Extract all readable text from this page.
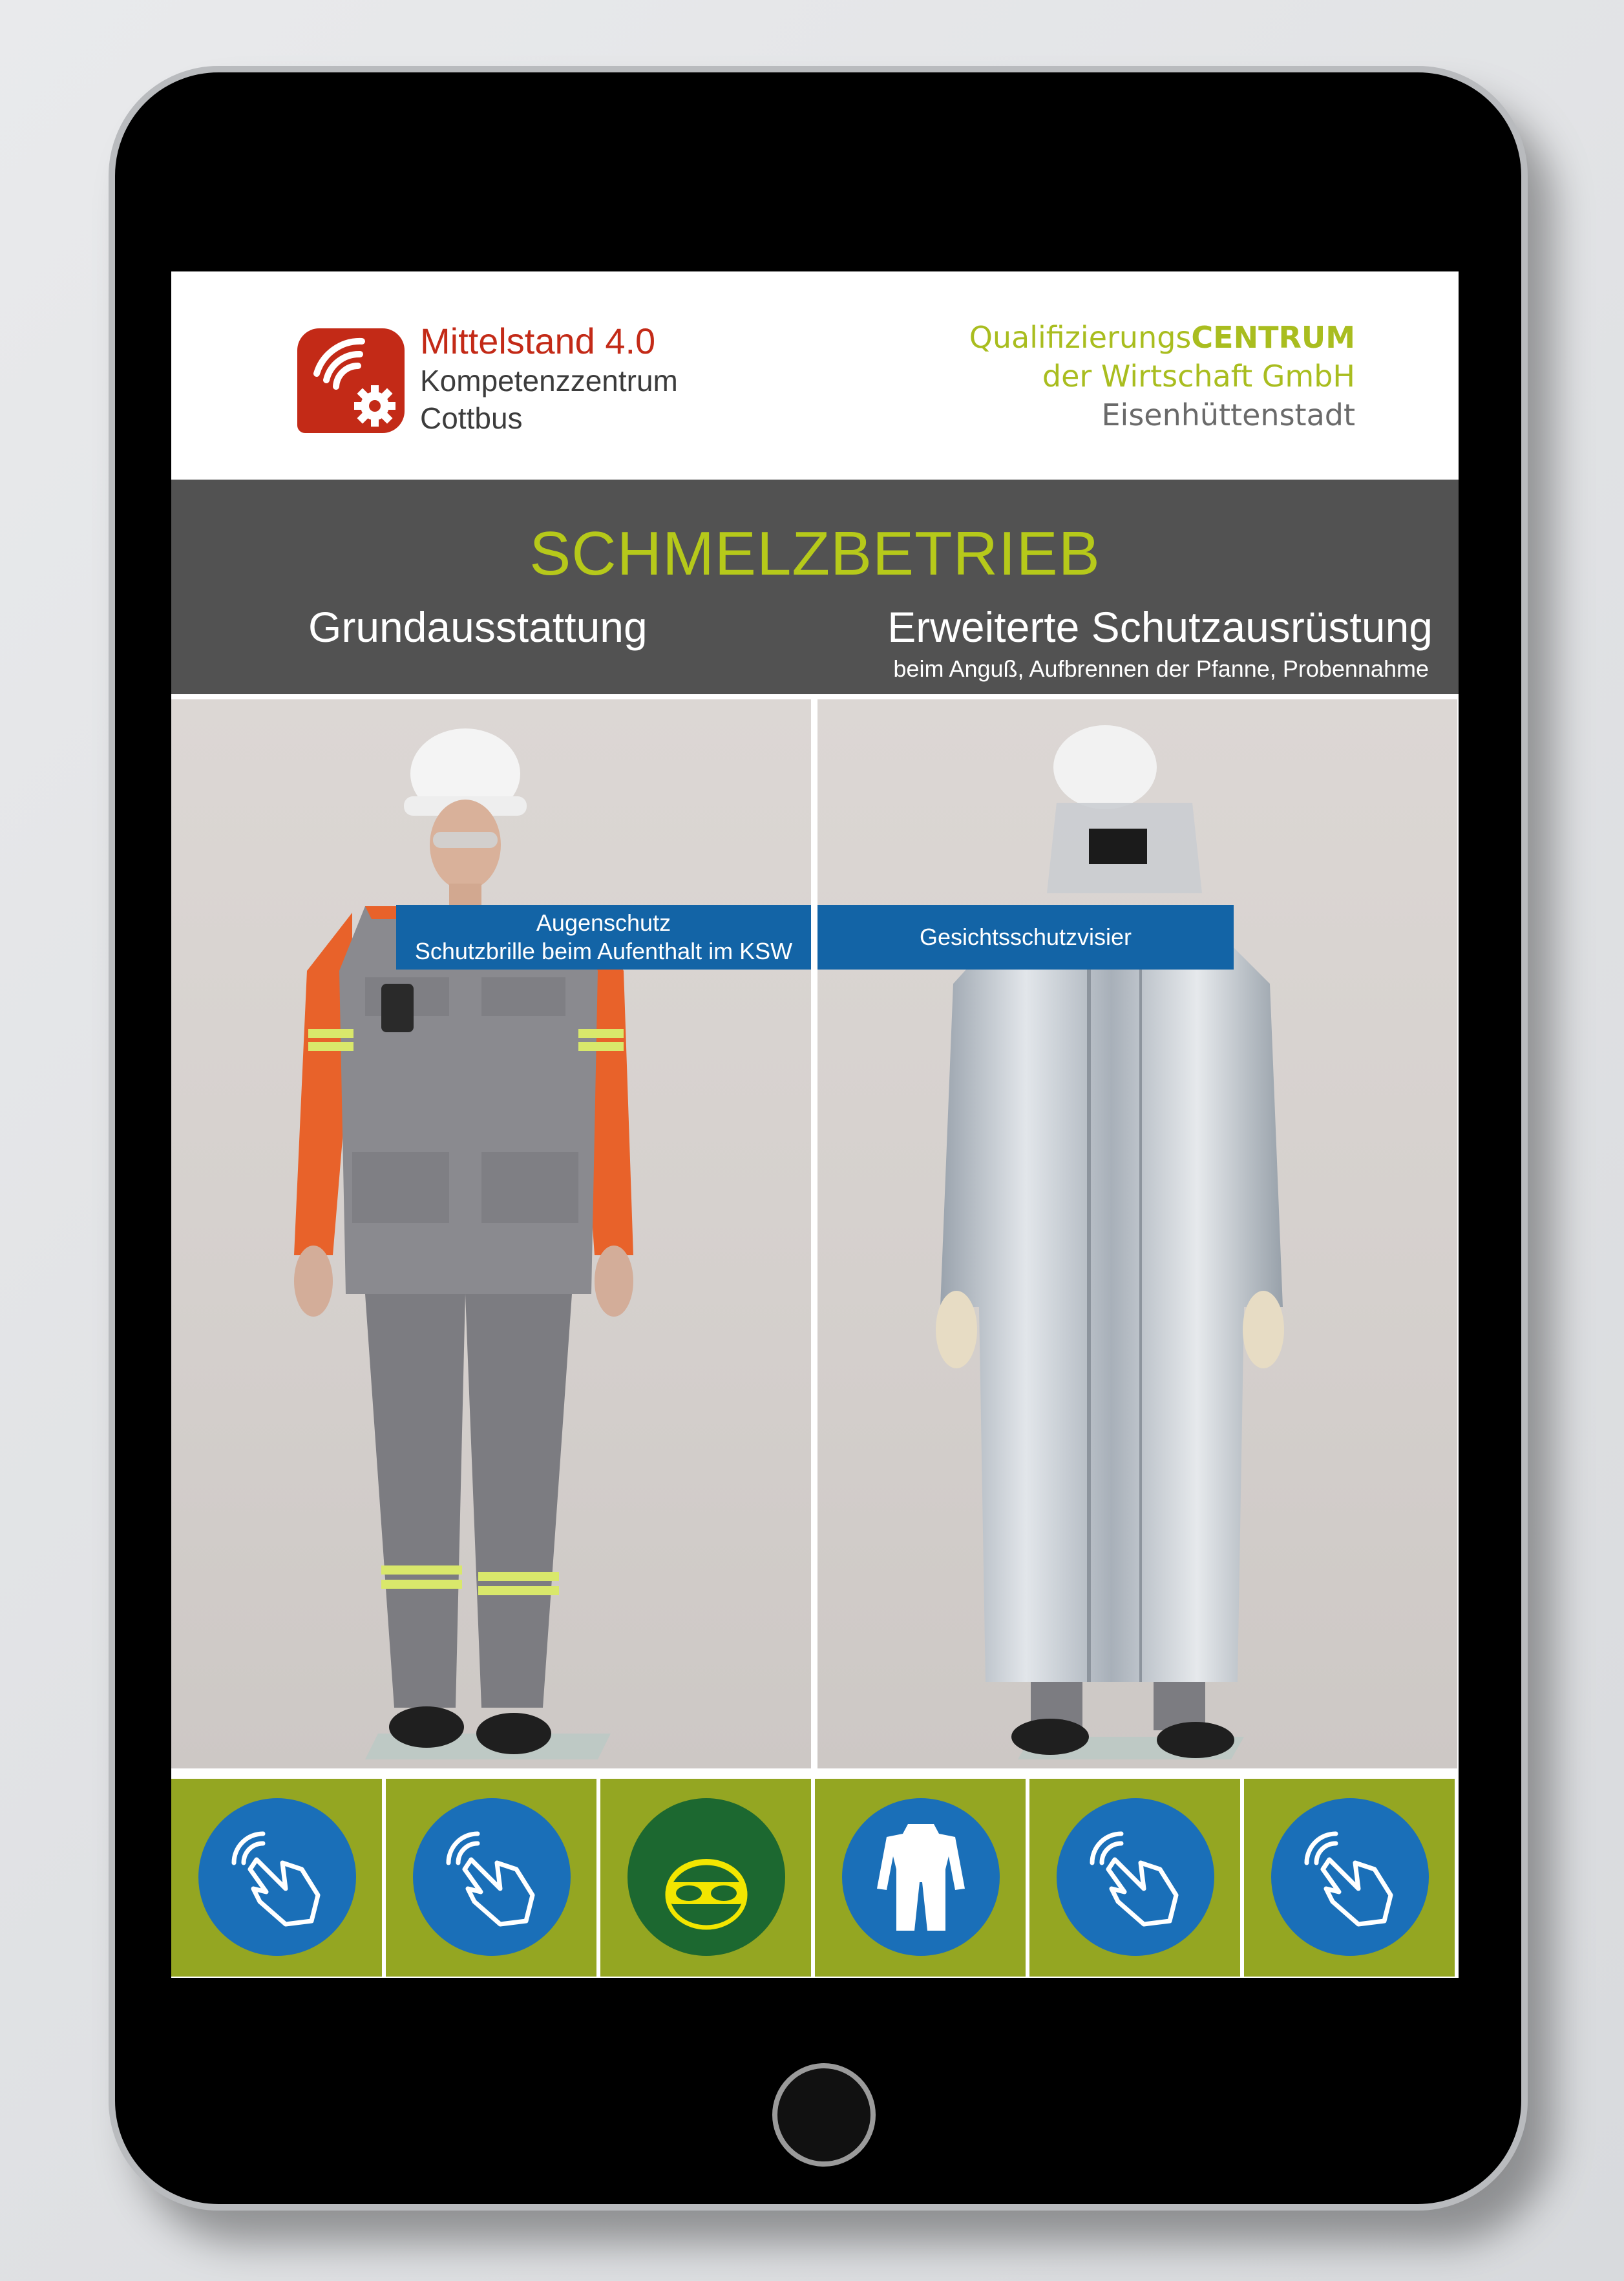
Mittelstand 4.0
Kompetenzzentrum
Cottbus
QualifizierungsCENTRUM
der Wirtschaft GmbH
Eisenhüttenstadt
SCHMELZBETRIEB
Grundausstattung	Erweiterte Schutzausrüstung
beim Anguß, Aufbrennen der Pfanne, Probennahme
Augenschutz
Schutzbrille beim Aufenthalt im KSW
Gesichtsschutzvisier
